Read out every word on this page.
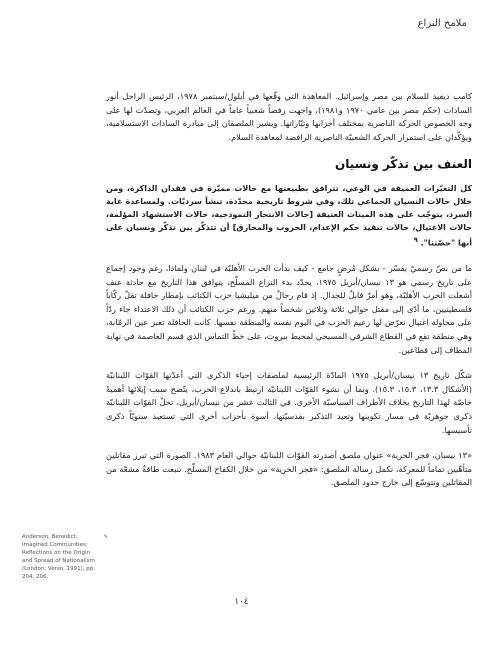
ملامح النزاع

كامب ديفيد للسلام بين مصر وإسرائيل. المعاهدة التي وقّعها في أيلول/سبتمبر ١٩٧٨، الرئيس الراحل أنور السادات (حكم مصر بين عامي ١٩٧٠ و١٩٨١)، واجهت رفضاً شعبياً عاماً في العالم العربي، وتصدّت لها على وجه الخصوص الحركة الناصرية بمختلف أحزابها وتيّاراتها. ويشير الملصقان إلى مبادرة السادات الاستسلامية، ويؤكّدان على استمرار الحركة الشعبيّة الناصرية الرافضة لمعاهدة السلام.

العنف بين تذكّر ونسيان

كل التغيّرات العميقة في الوعي، تترافق بطبيعتها مع حالات مميّزة في فقدان الذاكرة، ومن خلال حالات النسيان الجماعي تلك، وفي شروط تاريخية محدّدة، تنشأ سرديّات. ولمساعدة غاية السرد، يتوجّب على هذه الميتات العنيفة [حالات الانتحار النموذجية، حالات الاستشهاد المؤلمة، حالات الاغتيال، حالات تنفيذ حكم الإعدام، الحروب والمحارق] أن تتذكّر بين تذكّر ونسيان على أنها "حصّتنا". $^٩$

ما من نصّ رسميّ يفسّر - بشكل مُرضٍ جامع - كيف بدأت الحرب الأهليّة في لبنان ولماذا، رغم وجود إجماع على تاريخ رسمي هو ١٣ نيسان/أبريل ١٩٧٥، يحدّد بدء النزاع المسلّح، يتوافق هذا التاريخ مع حادثة عنف أشعلت الحرب الأهليّة، وهو أمرٌ قابلٌ للجدال. إذ قام رجالٌ من ميليشيا حزب الكتائب بإمطار حافلة تقلّ ركّاباً فلسطينيين، ما أدّى إلى مقتل حوالي ثلاثة وثلاثين شخصاً منهم. ورغم حزب الكتائب أن ذلك الاعتداء جاء ردّاً على محاولة اغتيال تعرّض لها زعيم الحزب في اليوم نفسه والمنطقة نفسها. كانت الحافلة تعبر عين الرمّانة، وهي منطقة تقع في القطاع الشرقي المسيحي لمحيط بيروت، على خطّ التماس الذي قسم العاصمة في نهاية المطاف إلى قطاعين.

شكّل تاريخ ١٣ نيسان/أبريل ١٩٧٥ المادّة الرئيسية لملصقات إحياء الذكرى التي أعدّتها القوّات اللبنانيّة (الأشكال ١٣.٣، ١٥.٣، ١٥.٣). وبما أن نشوء القوّات اللبنانيّة ارتبط باندلاع الحرب، يتّضح سبب إيلائها أهميةً خاصّة لهذا التاريخ بخلاف الأطراف السياسيّة الأخرى. في الثالث عشر من نيسان/أبريل، تحلّ القوّات اللبنانيّة ذكرى جوهريّة في مسار تكوينها وتعيد التذكير بقدسيّتها، أسوة بأحزاب أخرى التي تستعيد سنويّاً ذكرى تأسيسها.

«١٣ نيسان، فجر الحرية» عنوان ملصق أصدرته القوّات اللبنانيّة حوالي العام ١٩٨٣. الصورة التي تبرز مقاتلين متأهّبين تماماً للمعركة، تكمل رسالة الملصق: «فجر الحرية» من خلال الكفاح المسلّح. تنبعث طاقةٌ مشعّة من المقاتلين وتتوسّع إلى خارج حدود الملصق.

Anderson, Benedict, Imagined Communities: Reflections on the Origin and Spread of Nationalism (London: Verso, 1991), pp. 204, 206.
٩
١٠٤
